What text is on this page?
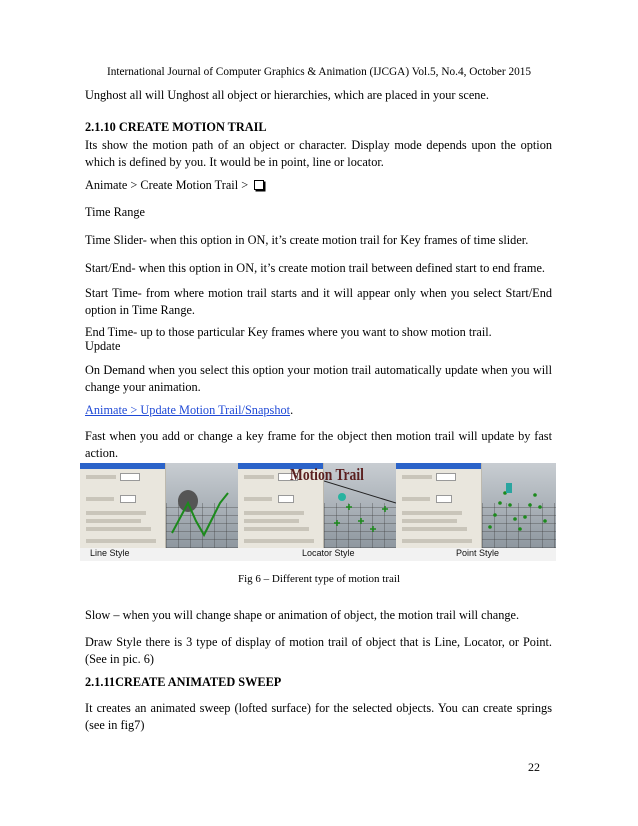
International Journal of Computer Graphics & Animation (IJCGA) Vol.5, No.4, October 2015
Unghost all will Unghost all object or hierarchies, which are placed in your scene.
2.1.10 CREATE MOTION TRAIL
Its show the motion path of an object or character. Display mode depends upon the option which is defined by you. It would be in point, line or locator.
Animate > Create Motion Trail >
Time Range
Time Slider- when this option in ON, it’s create motion trail for Key frames of time slider.
Start/End- when this option in ON, it’s create motion trail between defined start to end frame.
Start Time- from where motion trail starts and it will appear only when you select Start/End option in Time Range.
End Time- up to those particular Key frames where you want to show motion trail.
Update
On Demand when you select this option your motion trail automatically update when you will change your animation.
Animate > Update Motion Trail/Snapshot.
Fast when you add or change a key frame for the object then motion trail will update by fast action.
Motion Trail
Line Style	Locator Style	Point Style
Fig 6 – Different type of motion trail
Slow – when you will change shape or animation of object, the motion trail will change.
Draw Style there is 3 type of display of motion trail of object that is Line, Locator, or Point. (See in pic. 6)
2.1.11CREATE ANIMATED SWEEP
It creates an animated sweep (lofted surface) for the selected objects. You can create springs (see in fig7)
22
